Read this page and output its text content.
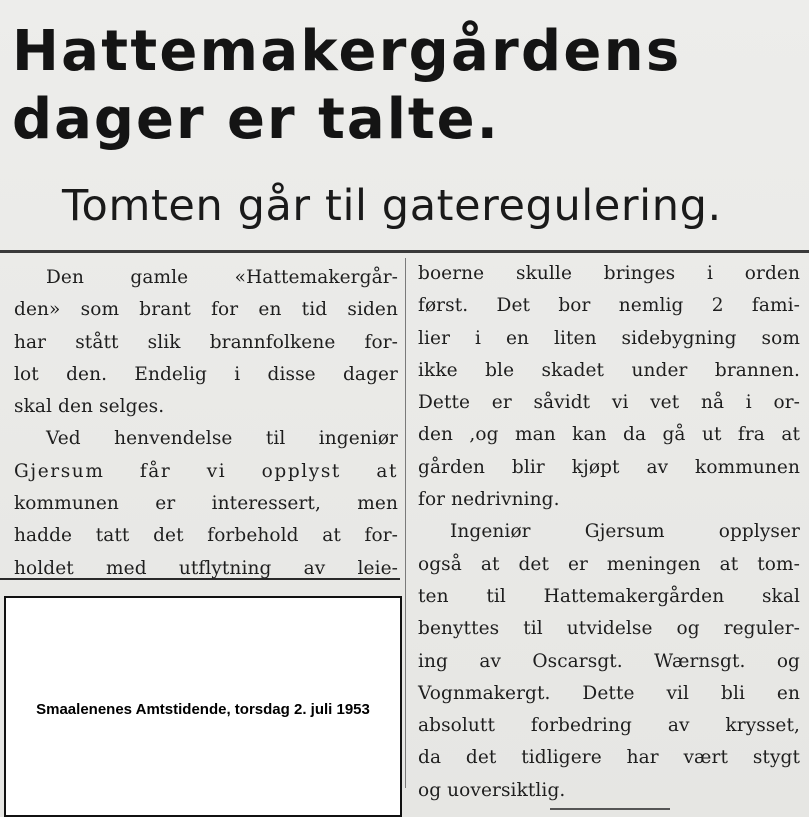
Hattemakergårdens
dager er talte.
Tomten går til gateregulering.
Den gamle «Hattemakergår-
den» som brant for en tid siden
har stått slik brannfolkene for-
lot den. Endelig i disse dager
skal den selges.
Ved henvendelse til ingeniør
Gjersum får vi opplyst at
kommunen er interessert, men
hadde tatt det forbehold at for-
holdet med utflytning av leie-
boerne skulle bringes i orden
først. Det bor nemlig 2 fami-
lier i en liten sidebygning som
ikke ble skadet under brannen.
Dette er såvidt vi vet nå i or-
den ,og man kan da gå ut fra at
gården blir kjøpt av kommunen
for nedrivning.
Ingeniør Gjersum opplyser
også at det er meningen at tom-
ten til Hattemakergården skal
benyttes til utvidelse og reguler-
ing av Oscarsgt. Wærnsgt. og
Vognmakergt. Dette vil bli en
absolutt forbedring av krysset,
da det tidligere har vært stygt
og uoversiktlig.
Smaalenenes Amtstidende, torsdag 2. juli 1953
